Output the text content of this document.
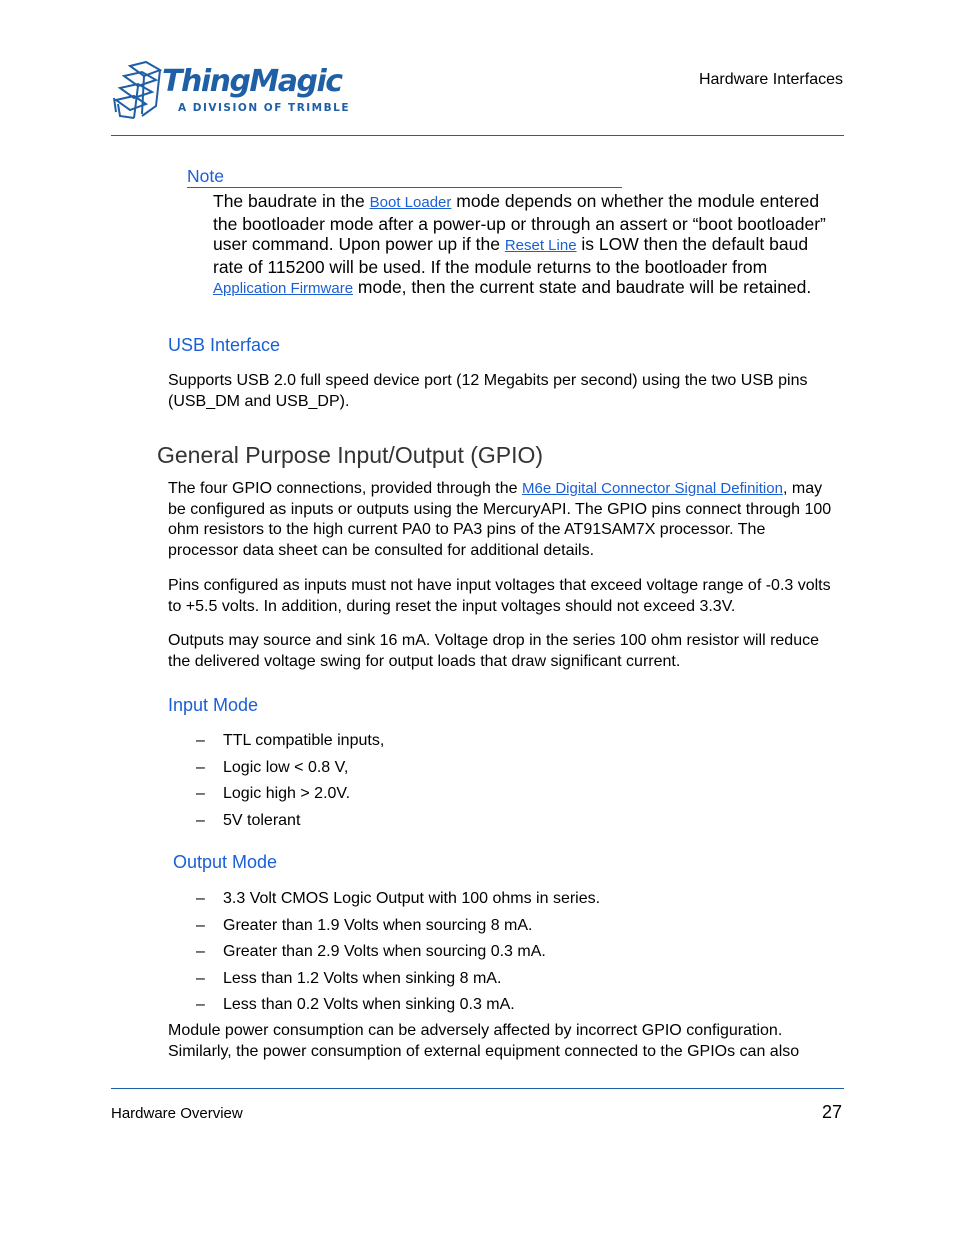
ThingMagic
A DIVISION OF TRIMBLE
Hardware Interfaces
Note
The baudrate in the Boot Loader mode depends on whether the module entered the bootloader mode after a power-up or through an assert or “boot bootloader” user command. Upon power up if the Reset Line is LOW then the default baud rate of 115200 will be used. If the module returns to the bootloader from Application Firmware mode, then the current state and baudrate will be retained.
USB Interface
Supports USB 2.0 full speed device port (12 Megabits per second) using the two USB pins (USB_DM and USB_DP).
General Purpose Input/Output (GPIO)
The four GPIO connections, provided through the M6e Digital Connector Signal Definition, may be configured as inputs or outputs using the MercuryAPI. The GPIO pins connect through 100 ohm resistors to the high current PA0 to PA3 pins of the AT91SAM7X processor. The processor data sheet can be consulted for additional details.
Pins configured as inputs must not have input voltages that exceed voltage range of -0.3 volts to +5.5 volts. In addition, during reset the input voltages should not exceed 3.3V.
Outputs may source and sink 16 mA. Voltage drop in the series 100 ohm resistor will reduce the delivered voltage swing for output loads that draw significant current.
Input Mode
– TTL compatible inputs,
– Logic low < 0.8 V,
– Logic high > 2.0V.
– 5V tolerant
Output Mode
– 3.3 Volt CMOS Logic Output with 100 ohms in series.
– Greater than 1.9 Volts when sourcing 8 mA.
– Greater than 2.9 Volts when sourcing 0.3 mA.
– Less than 1.2 Volts when sinking 8 mA.
– Less than 0.2 Volts when sinking 0.3 mA.
Module power consumption can be adversely affected by incorrect GPIO configuration. Similarly, the power consumption of external equipment connected to the GPIOs can also
Hardware Overview	27
